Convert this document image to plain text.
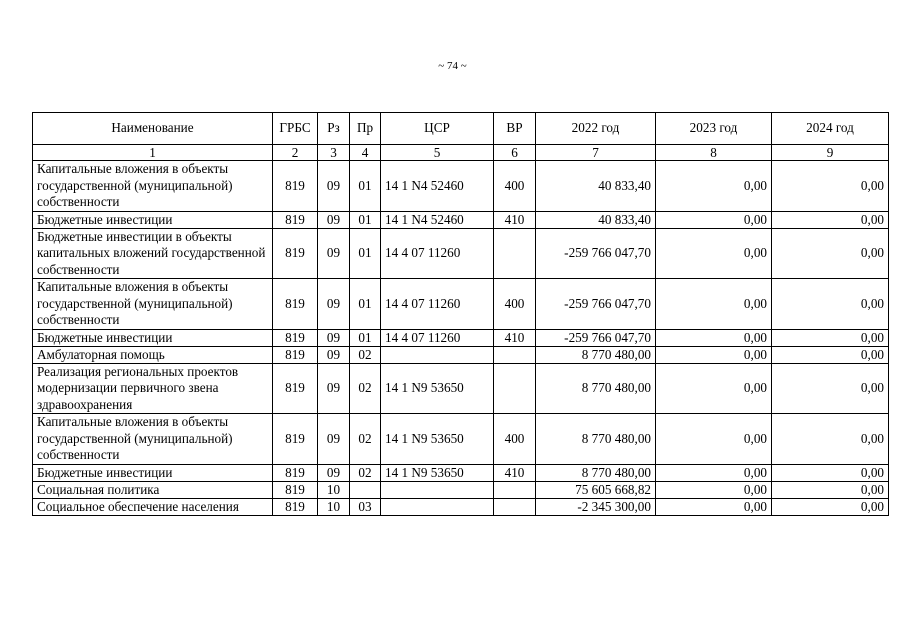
~ 74 ~
Наименование	ГРБС	Рз	Пр	ЦСР	ВР	2022 год	2023 год	2024 год
1	2	3	4	5	6	7	8	9
Капитальные вложения в объекты государственной (муниципальной) собственности	819	09	01	14 1 N4 52460	400	40 833,40	0,00	0,00
Бюджетные инвестиции	819	09	01	14 1 N4 52460	410	40 833,40	0,00	0,00
Бюджетные инвестиции в объекты капитальных вложений государственной собственности	819	09	01	14 4 07 11260		-259 766 047,70	0,00	0,00
Капитальные вложения в объекты государственной (муниципальной) собственности	819	09	01	14 4 07 11260	400	-259 766 047,70	0,00	0,00
Бюджетные инвестиции	819	09	01	14 4 07 11260	410	-259 766 047,70	0,00	0,00
Амбулаторная помощь	819	09	02			8 770 480,00	0,00	0,00
Реализация региональных проектов модернизации первичного звена здравоохранения	819	09	02	14 1 N9 53650		8 770 480,00	0,00	0,00
Капитальные вложения в объекты государственной (муниципальной) собственности	819	09	02	14 1 N9 53650	400	8 770 480,00	0,00	0,00
Бюджетные инвестиции	819	09	02	14 1 N9 53650	410	8 770 480,00	0,00	0,00
Социальная политика	819	10				75 605 668,82	0,00	0,00
Социальное обеспечение населения	819	10	03			-2 345 300,00	0,00	0,00
